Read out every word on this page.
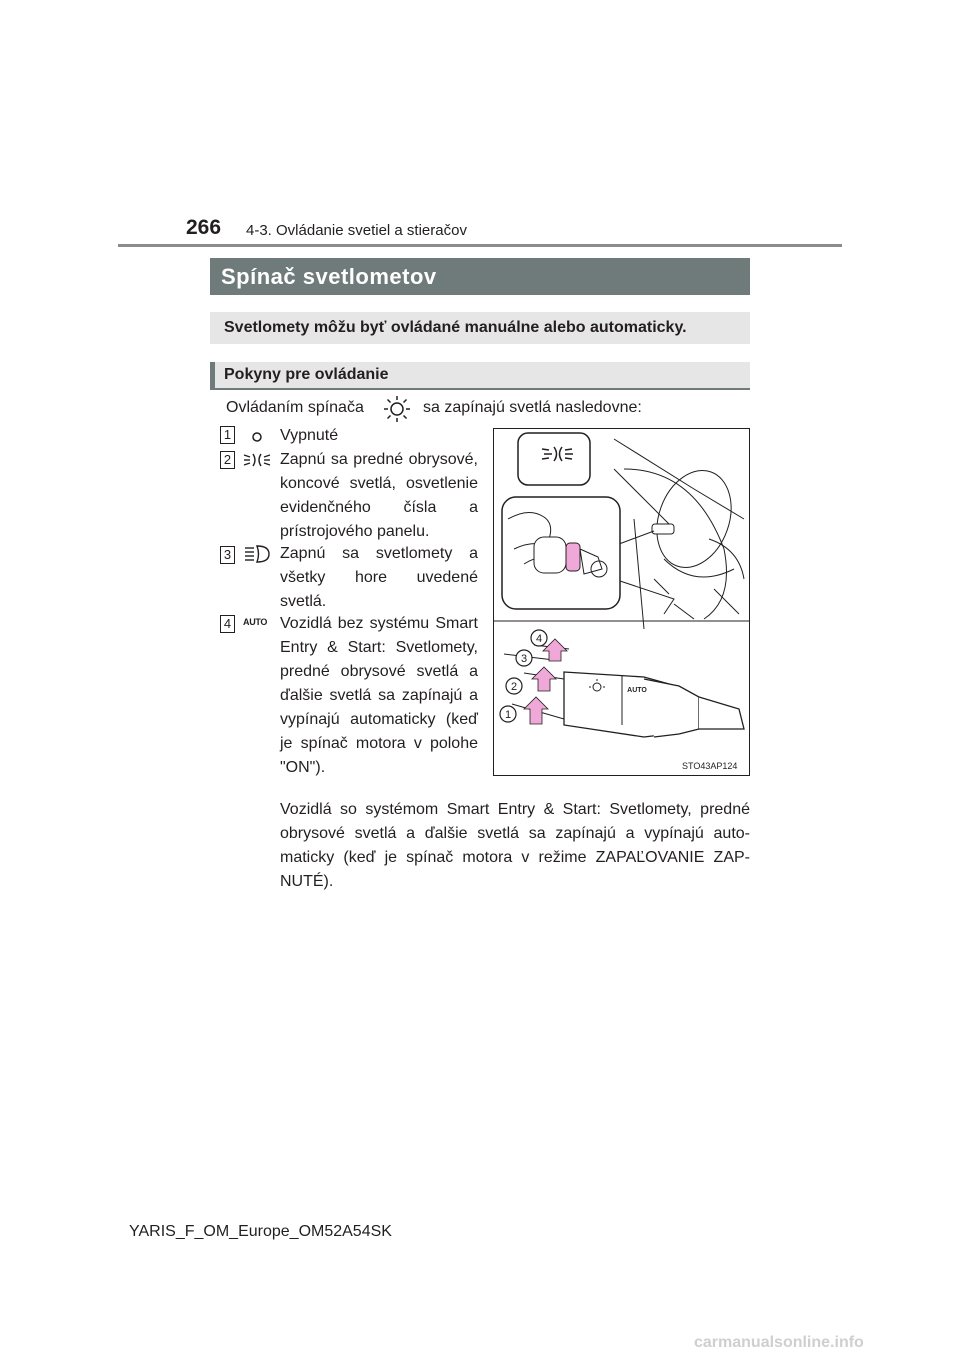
266 4-3. Ovládanie svetiel a stieračov
Spínač svetlometov
Svetlomety môžu byť ovládané manuálne alebo automaticky.
Pokyny pre ovládanie
Ovládaním spínača	sa zapínajú svetlá nasledovne:
1	Vypnuté
2	Zapnú sa predné obrysové, koncové svetlá, osvetlenie evidenčného čísla a prístrojového panelu.
3	Zapnú sa svetlomety a všetky hore uvedené svetlá.
4	AUTO Vozidlá bez systému Smart Entry & Start: Svetlomety, predné obrysové svetlá a ďalšie svetlá sa zapínajú a vypínajú automaticky (keď je spínač motora v polohe "ON").
1
2
3
4
AUTO
STO43AP124
Vozidlá so systémom Smart Entry & Start: Svetlomety, predné obrysové svetlá a ďalšie svetlá sa zapínajú a vypínajú automaticky (keď je spínač motora v režime ZAPAĽOVANIE ZAPNUTÉ).
YARIS_F_OM_Europe_OM52A54SK
carmanualsonline.info
